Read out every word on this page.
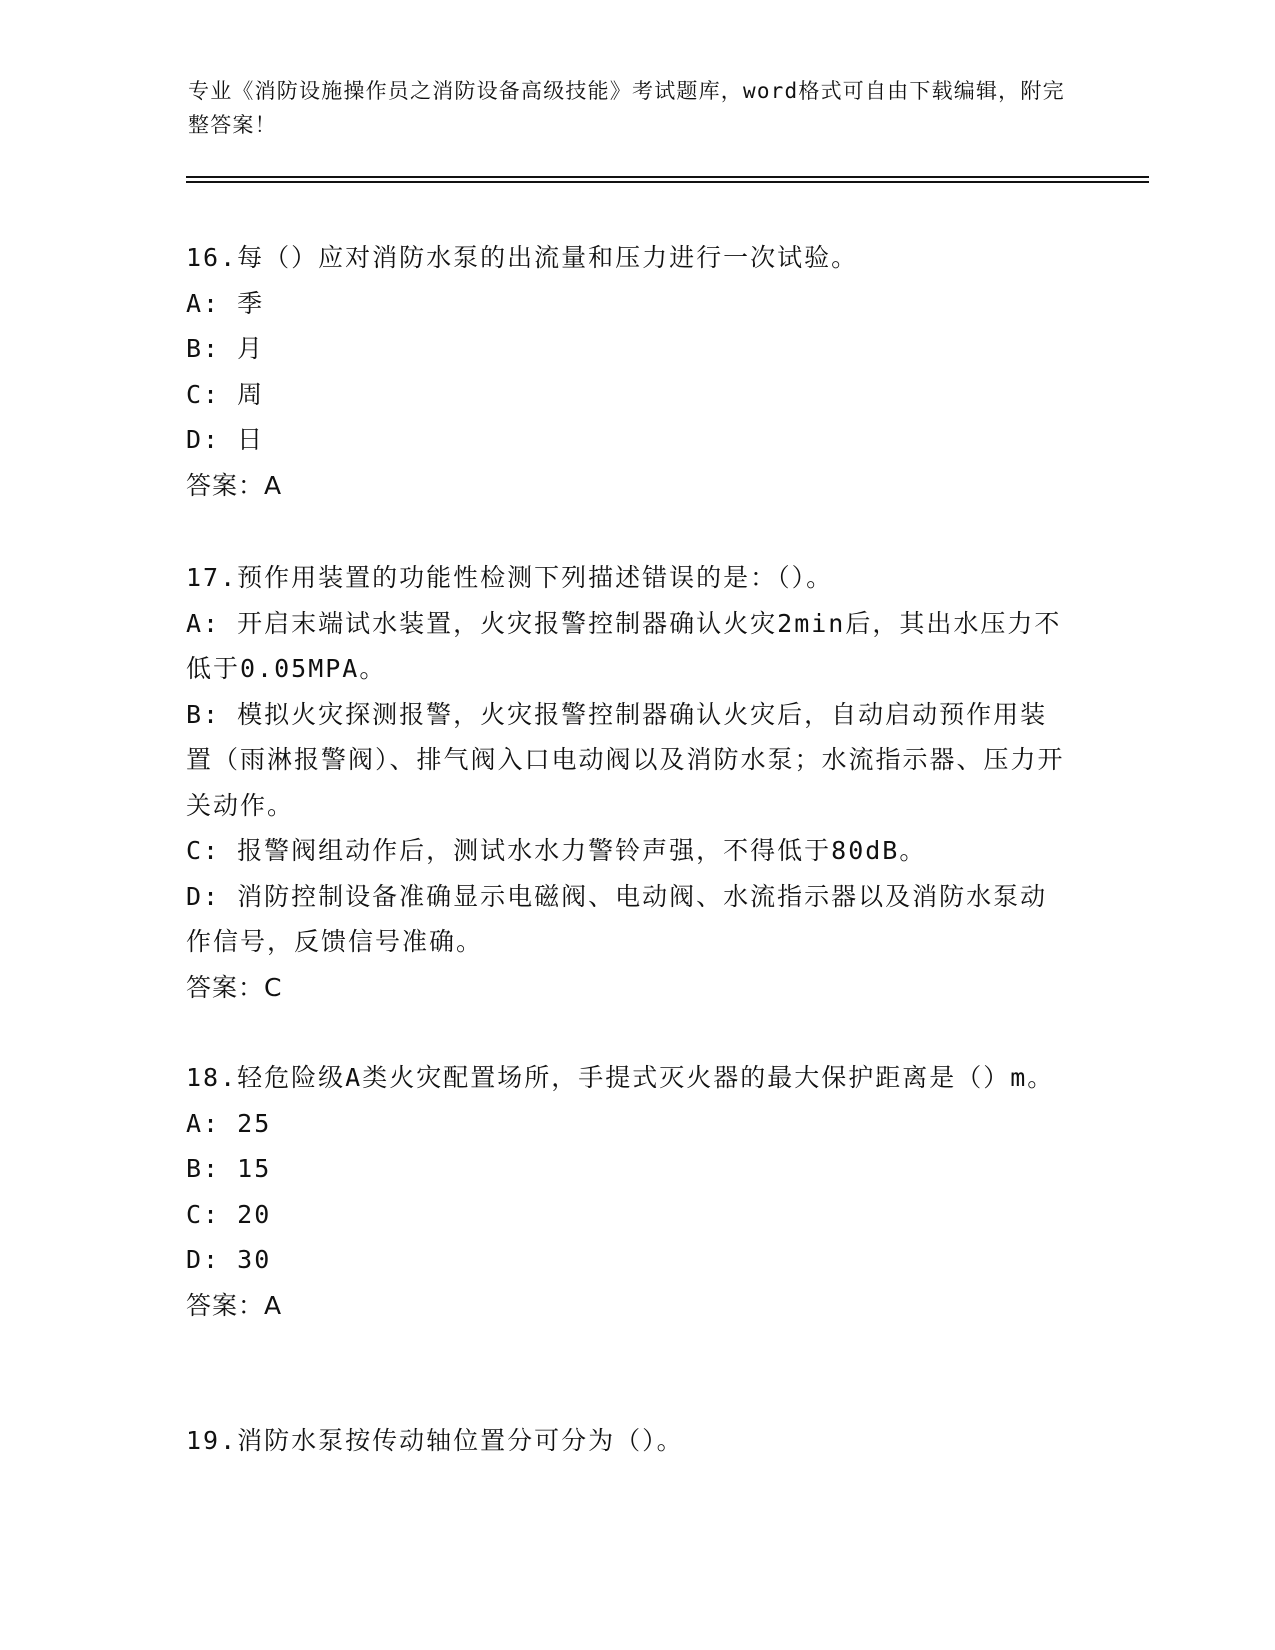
专业《消防设施操作员之消防设备高级技能》考试题库，word格式可自由下载编辑，附完整答案！

16.每（）应对消防水泵的出流量和压力进行一次试验。

A: 季
B: 月
C: 周
D: 日

答案：A

17.预作用装置的功能性检测下列描述错误的是：（）。

A: 开启末端试水装置，火灾报警控制器确认火灾2min后，其出水压力不低于0.05MPA。
B: 模拟火灾探测报警，火灾报警控制器确认火灾后，自动启动预作用装置（雨淋报警阀）、排气阀入口电动阀以及消防水泵；水流指示器、压力开关动作。
C: 报警阀组动作后，测试水水力警铃声强，不得低于80dB。
D: 消防控制设备准确显示电磁阀、电动阀、水流指示器以及消防水泵动作信号，反馈信号准确。

答案：C

18.轻危险级A类火灾配置场所，手提式灭火器的最大保护距离是（）m。

A: 25
B: 15
C: 20
D: 30

答案：A

19.消防水泵按传动轴位置分可分为（）。
